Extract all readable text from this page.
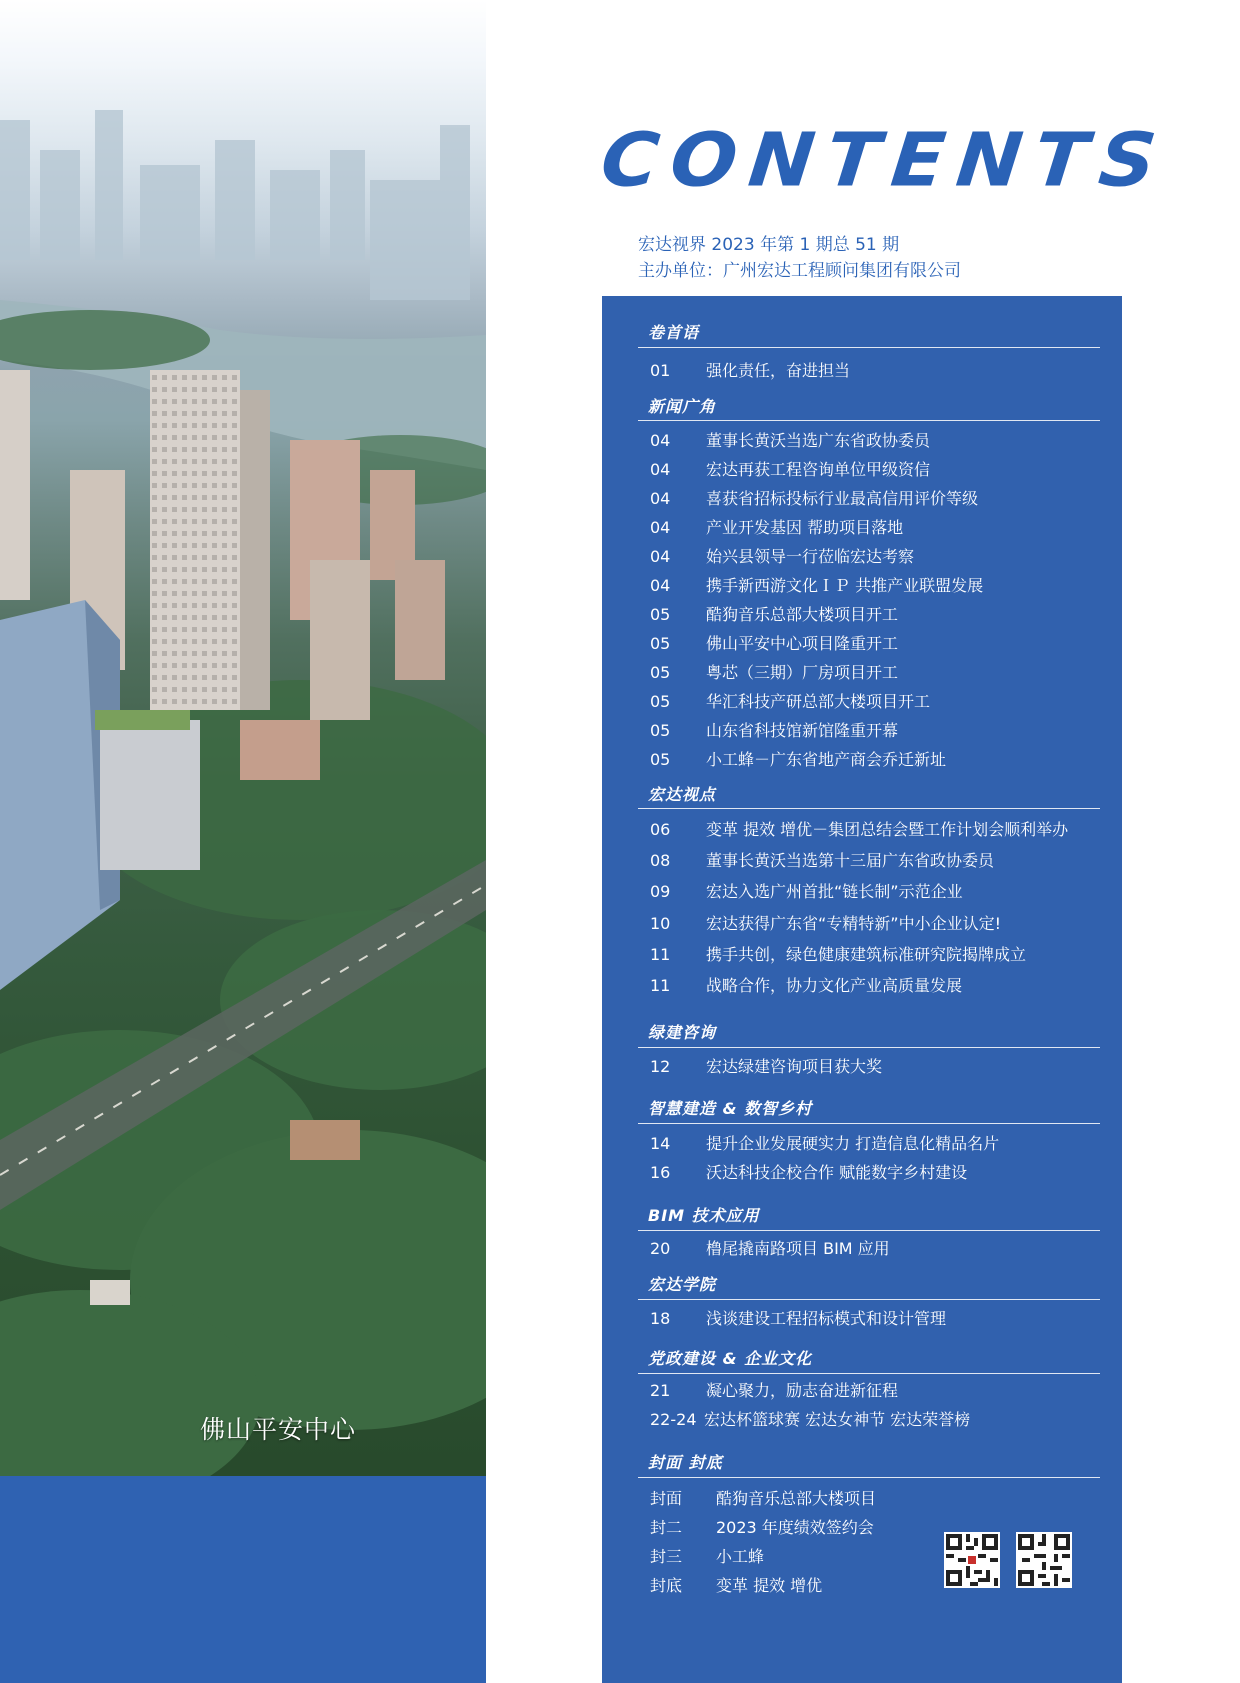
佛山平安中心
CONTENTS
宏达视界 2023 年第 1 期总 51 期
主办单位：广州宏达工程顾问集团有限公司
卷首语
01 强化责任，奋进担当
新闻广角
04 董事长黄沃当选广东省政协委员
04 宏达再获工程咨询单位甲级资信
04 喜获省招标投标行业最高信用评价等级
04 产业开发基因 帮助项目落地
04 始兴县领导一行莅临宏达考察
04 携手新西游文化ＩＰ 共推产业联盟发展
05 酷狗音乐总部大楼项目开工
05 佛山平安中心项目隆重开工
05 粤芯（三期）厂房项目开工
05 华汇科技产研总部大楼项目开工
05 山东省科技馆新馆隆重开幕
05 小工蜂－广东省地产商会乔迁新址
宏达视点
06 变革 提效 增优－集团总结会暨工作计划会顺利举办
08 董事长黄沃当选第十三届广东省政协委员
09 宏达入选广州首批“链长制”示范企业
10 宏达获得广东省“专精特新”中小企业认定!
11 携手共创，绿色健康建筑标准研究院揭牌成立
11 战略合作，协力文化产业高质量发展
绿建咨询
12 宏达绿建咨询项目获大奖
智慧建造 & 数智乡村
14 提升企业发展硬实力 打造信息化精品名片
16 沃达科技企校合作 赋能数字乡村建设
BIM 技术应用
20 橹尾撬南路项目 BIM 应用
宏达学院
18 浅谈建设工程招标模式和设计管理
党政建设 & 企业文化
21 凝心聚力，励志奋进新征程
22-24 宏达杯篮球赛 宏达女神节 宏达荣誉榜
封面 封底
封面 酷狗音乐总部大楼项目
封二 2023 年度绩效签约会
封三 小工蜂
封底 变革 提效 增优
